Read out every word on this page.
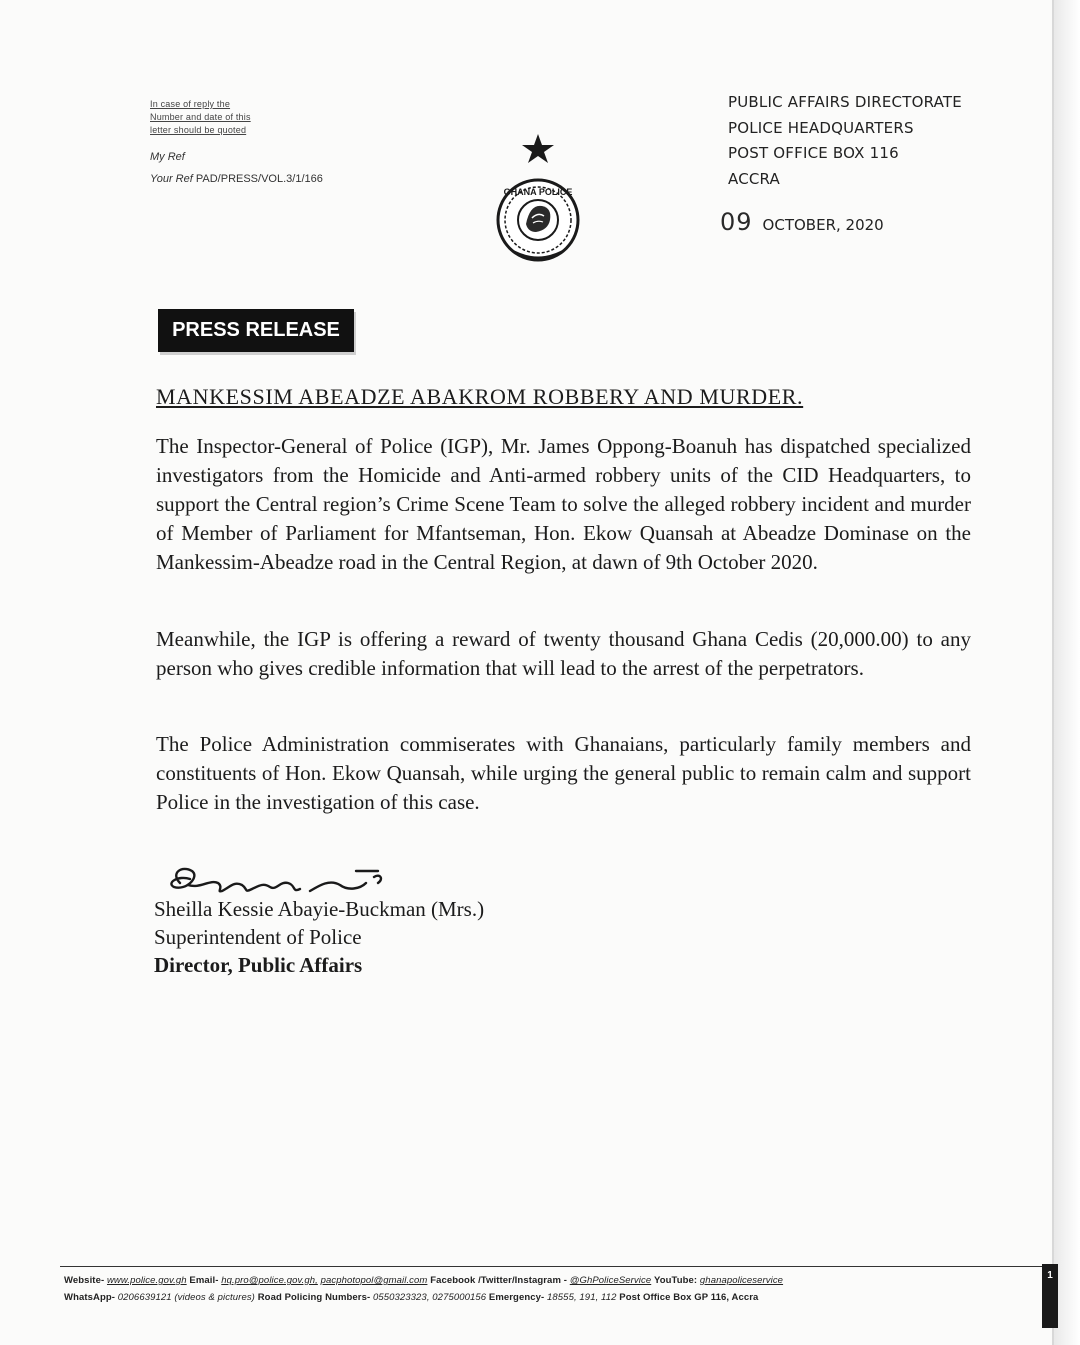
In case of reply the
Number and date of this
letter should be quoted
My Ref
Your Ref PAD/PRESS/VOL.3/1/166
GHANA POLICE
PUBLIC AFFAIRS DIRECTORATE
POLICE HEADQUARTERS
POST OFFICE BOX 116
ACCRA
09 OCTOBER, 2020
PRESS RELEASE
MANKESSIM ABEADZE ABAKROM ROBBERY AND MURDER.
The Inspector-General of Police (IGP), Mr. James Oppong-Boanuh has dispatched specialized investigators from the Homicide and Anti-armed robbery units of the CID Headquarters, to support the Central region’s Crime Scene Team to solve the alleged robbery incident and murder of Member of Parliament for Mfantseman, Hon. Ekow Quansah at Abeadze Dominase on the Mankessim-Abeadze road in the Central Region, at dawn of 9th October 2020.
Meanwhile, the IGP is offering a reward of twenty thousand Ghana Cedis (20,000.00) to any person who gives credible information that will lead to the arrest of the perpetrators.
The Police Administration commiserates with Ghanaians, particularly family members and constituents of Hon. Ekow Quansah, while urging the general public to remain calm and support Police in the investigation of this case.
Sheilla Kessie Abayie-Buckman (Mrs.)
Superintendent of Police
Director, Public Affairs
Website- www.police.gov.gh Email- hq.pro@police.gov.gh, pacphotopol@gmail.com Facebook /Twitter/Instagram - @GhPoliceService YouTube: ghanapoliceservice
WhatsApp- 0206639121 (videos & pictures) Road Policing Numbers- 0550323323, 0275000156 Emergency- 18555, 191, 112 Post Office Box GP 116, Accra
1
